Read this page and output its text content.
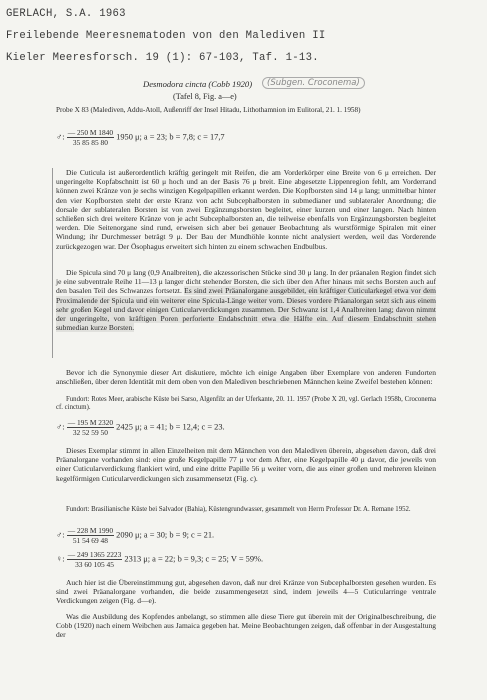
GERLACH, S.A. 1963
Freilebende Meeresnematoden von den Malediven II
Kieler Meeresforsch. 19 (1): 67-103, Taf. 1-13.
Desmodora cincta (Cobb 1920)	(Subgen. Croconema)
(Tafel 8, Fig. a—e)
Probe X 83 (Malediven, Addu-Atoll, Außenriff der Insel Hitadu, Lithothamnion im Eulitoral, 21. 1. 1958)
♂: $\frac{— 250 M 1840}{35 85 85 80} 1950$ μ; a = 23; b = 7,8; c = 17,7

Die Cuticula ist außerordentlich kräftig geringelt mit Reifen, die am Vorderkörper eine Breite von 6 μ erreichen. Der ungeringelte Kopfabschnitt ist 60 μ hoch und an der Basis 76 μ breit. Eine abgesetzte Lippenregion fehlt, am Vorderrand können zwei Kränze von je sechs winzigen Kegelpapillen erkannt werden. Die Kopfborsten sind 14 μ lang; unmittelbar hinter den vier Kopfborsten steht der erste Kranz von acht Subcephalborsten in submedianer und sublateraler Anordnung; die dorsale der sublateralen Borsten ist von zwei Ergänzungsborsten begleitet, einer kurzen und einer langen. Nach hinten schließen sich drei weitere Kränze von je acht Subcephalborsten an, die teilweise ebenfalls von Ergänzungsborsten begleitet werden. Die Seitenorgane sind rund, erweisen sich aber bei genauer Beobachtung als wurstförmige Spiralen mit einer Windung; ihr Durchmesser beträgt 9 μ. Der Bau der Mundhöhle konnte nicht analysiert werden, weil das Vorderende zurückgezogen war. Der Ösophagus erweitert sich hinten zu einem schwachen Endbulbus.

Die Spicula sind 70 μ lang (0,9 Analbreiten), die akzessorischen Stücke sind 30 μ lang. In der präanalen Region findet sich je eine subventrale Reihe 11—13 μ langer dicht stehender Borsten, die sich über den After hinaus mit sechs Borsten auch auf den basalen Teil des Schwanzes fortsetzt. Es sind zwei Präanalorgane ausgebildet, ein kräftiger Cuticularkegel etwa vor dem Proximalende der Spicula und ein weiterer eine Spicula-Länge weiter vorn. Dieses vordere Präanalorgan setzt sich aus einem sehr großen Kegel und davor einigen Cuticularverdickungen zusammen. Der Schwanz ist 1,4 Analbreiten lang; davon nimmt der ungeringelte, von kräftigen Poren perforierte Endabschnitt etwa die Hälfte ein. Auf diesem Endabschnitt stehen submedian kurze Borsten.

Bevor ich die Synonymie dieser Art diskutiere, möchte ich einige Angaben über Exemplare von anderen Fundorten anschließen, über deren Identität mit dem oben von den Malediven beschriebenen Männchen keine Zweifel bestehen können:

Fundort: Rotes Meer, arabische Küste bei Sarso, Algenfilz an der Uferkante, 20. 11. 1957 (Probe X 20, vgl. Gerlach 1958b, Croconema cf. cinctum).

♂: $\frac{— 195 M 2320}{32 52 59 50} 2425$ μ; a = 41; b = 12,4; c = 23.

Dieses Exemplar stimmt in allen Einzelheiten mit dem Männchen von den Malediven überein, abgesehen davon, daß drei Präanalorgane vorhanden sind: eine große Kegelpapille 77 μ vor dem After, eine Kegelpapille 40 μ davor, die jeweils von einer Cuticularverdickung flankiert wird, und eine dritte Papille 56 μ weiter vorn, die aus einer großen und mehreren kleinen kegelförmigen Cuticularverdickungen sich zusammensetzt (Fig. c).

Fundort: Brasilianische Küste bei Salvador (Bahia), Küstengrundwasser, gesammelt von Herrn Professor Dr. A. Remane 1952.

♂: $\frac{— 228 M 1990}{51 54 69 48} 2090$ μ; a = 30; b = 9; c = 21.
♀: $\frac{— 249 1365 2223}{33 60 105 45} 2313$ μ; a = 22; b = 9,3; c = 25; V = 59%.

Auch hier ist die Übereinstimmung gut, abgesehen davon, daß nur drei Kränze von Subcephalborsten gesehen wurden. Es sind zwei Präanalorgane vorhanden, die beide zusammengesetzt sind, indem jeweils 4—5 Cuticularringe ventrale Verdickungen zeigen (Fig. d—e).

Was die Ausbildung des Kopfendes anbelangt, so stimmen alle diese Tiere gut überein mit der Originalbeschreibung, die Cobb (1920) nach einem Weibchen aus Jamaica gegeben hat. Meine Beobachtungen zeigen, daß offenbar in der Ausgestaltung der
